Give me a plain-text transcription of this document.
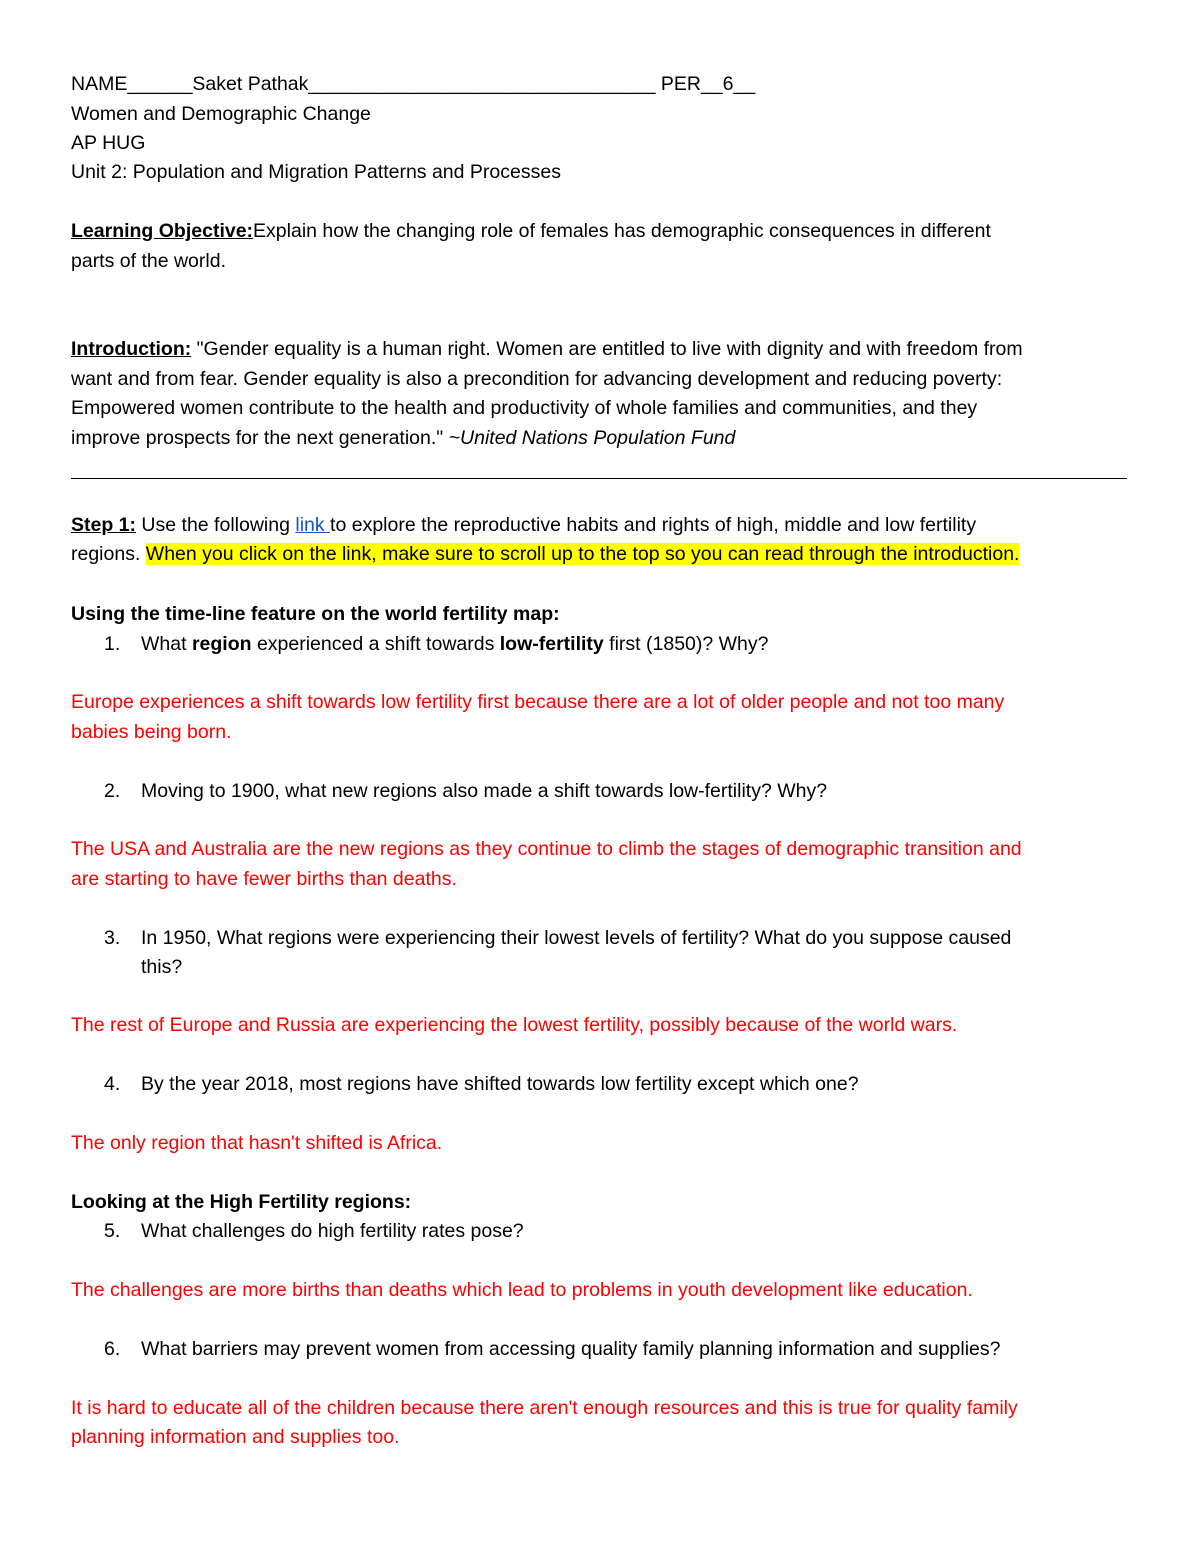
NAME______Saket Pathak________________________________ PER__6__
Women and Demographic Change
AP HUG
Unit 2: Population and Migration Patterns and Processes
Learning Objective:Explain how the changing role of females has demographic consequences in different
parts of the world.
Introduction: "Gender equality is a human right. Women are entitled to live with dignity and with freedom from
want and from fear. Gender equality is also a precondition for advancing development and reducing poverty:
Empowered women contribute to the health and productivity of whole families and communities, and they
improve prospects for the next generation." ~United Nations Population Fund
Step 1: Use the following link to explore the reproductive habits and rights of high, middle and low fertility
regions. When you click on the link, make sure to scroll up to the top so you can read through the introduction.
Using the time-line feature on the world fertility map:
1. What region experienced a shift towards low-fertility first (1850)? Why?
Europe experiences a shift towards low fertility first because there are a lot of older people and not too many
babies being born.
2. Moving to 1900, what new regions also made a shift towards low-fertility? Why?
The USA and Australia are the new regions as they continue to climb the stages of demographic transition and
are starting to have fewer births than deaths.
3. In 1950, What regions were experiencing their lowest levels of fertility? What do you suppose caused
this?
The rest of Europe and Russia are experiencing the lowest fertility, possibly because of the world wars.
4. By the year 2018, most regions have shifted towards low fertility except which one?
The only region that hasn't shifted is Africa.
Looking at the High Fertility regions:
5. What challenges do high fertility rates pose?
The challenges are more births than deaths which lead to problems in youth development like education.
6. What barriers may prevent women from accessing quality family planning information and supplies?
It is hard to educate all of the children because there aren't enough resources and this is true for quality family
planning information and supplies too.
